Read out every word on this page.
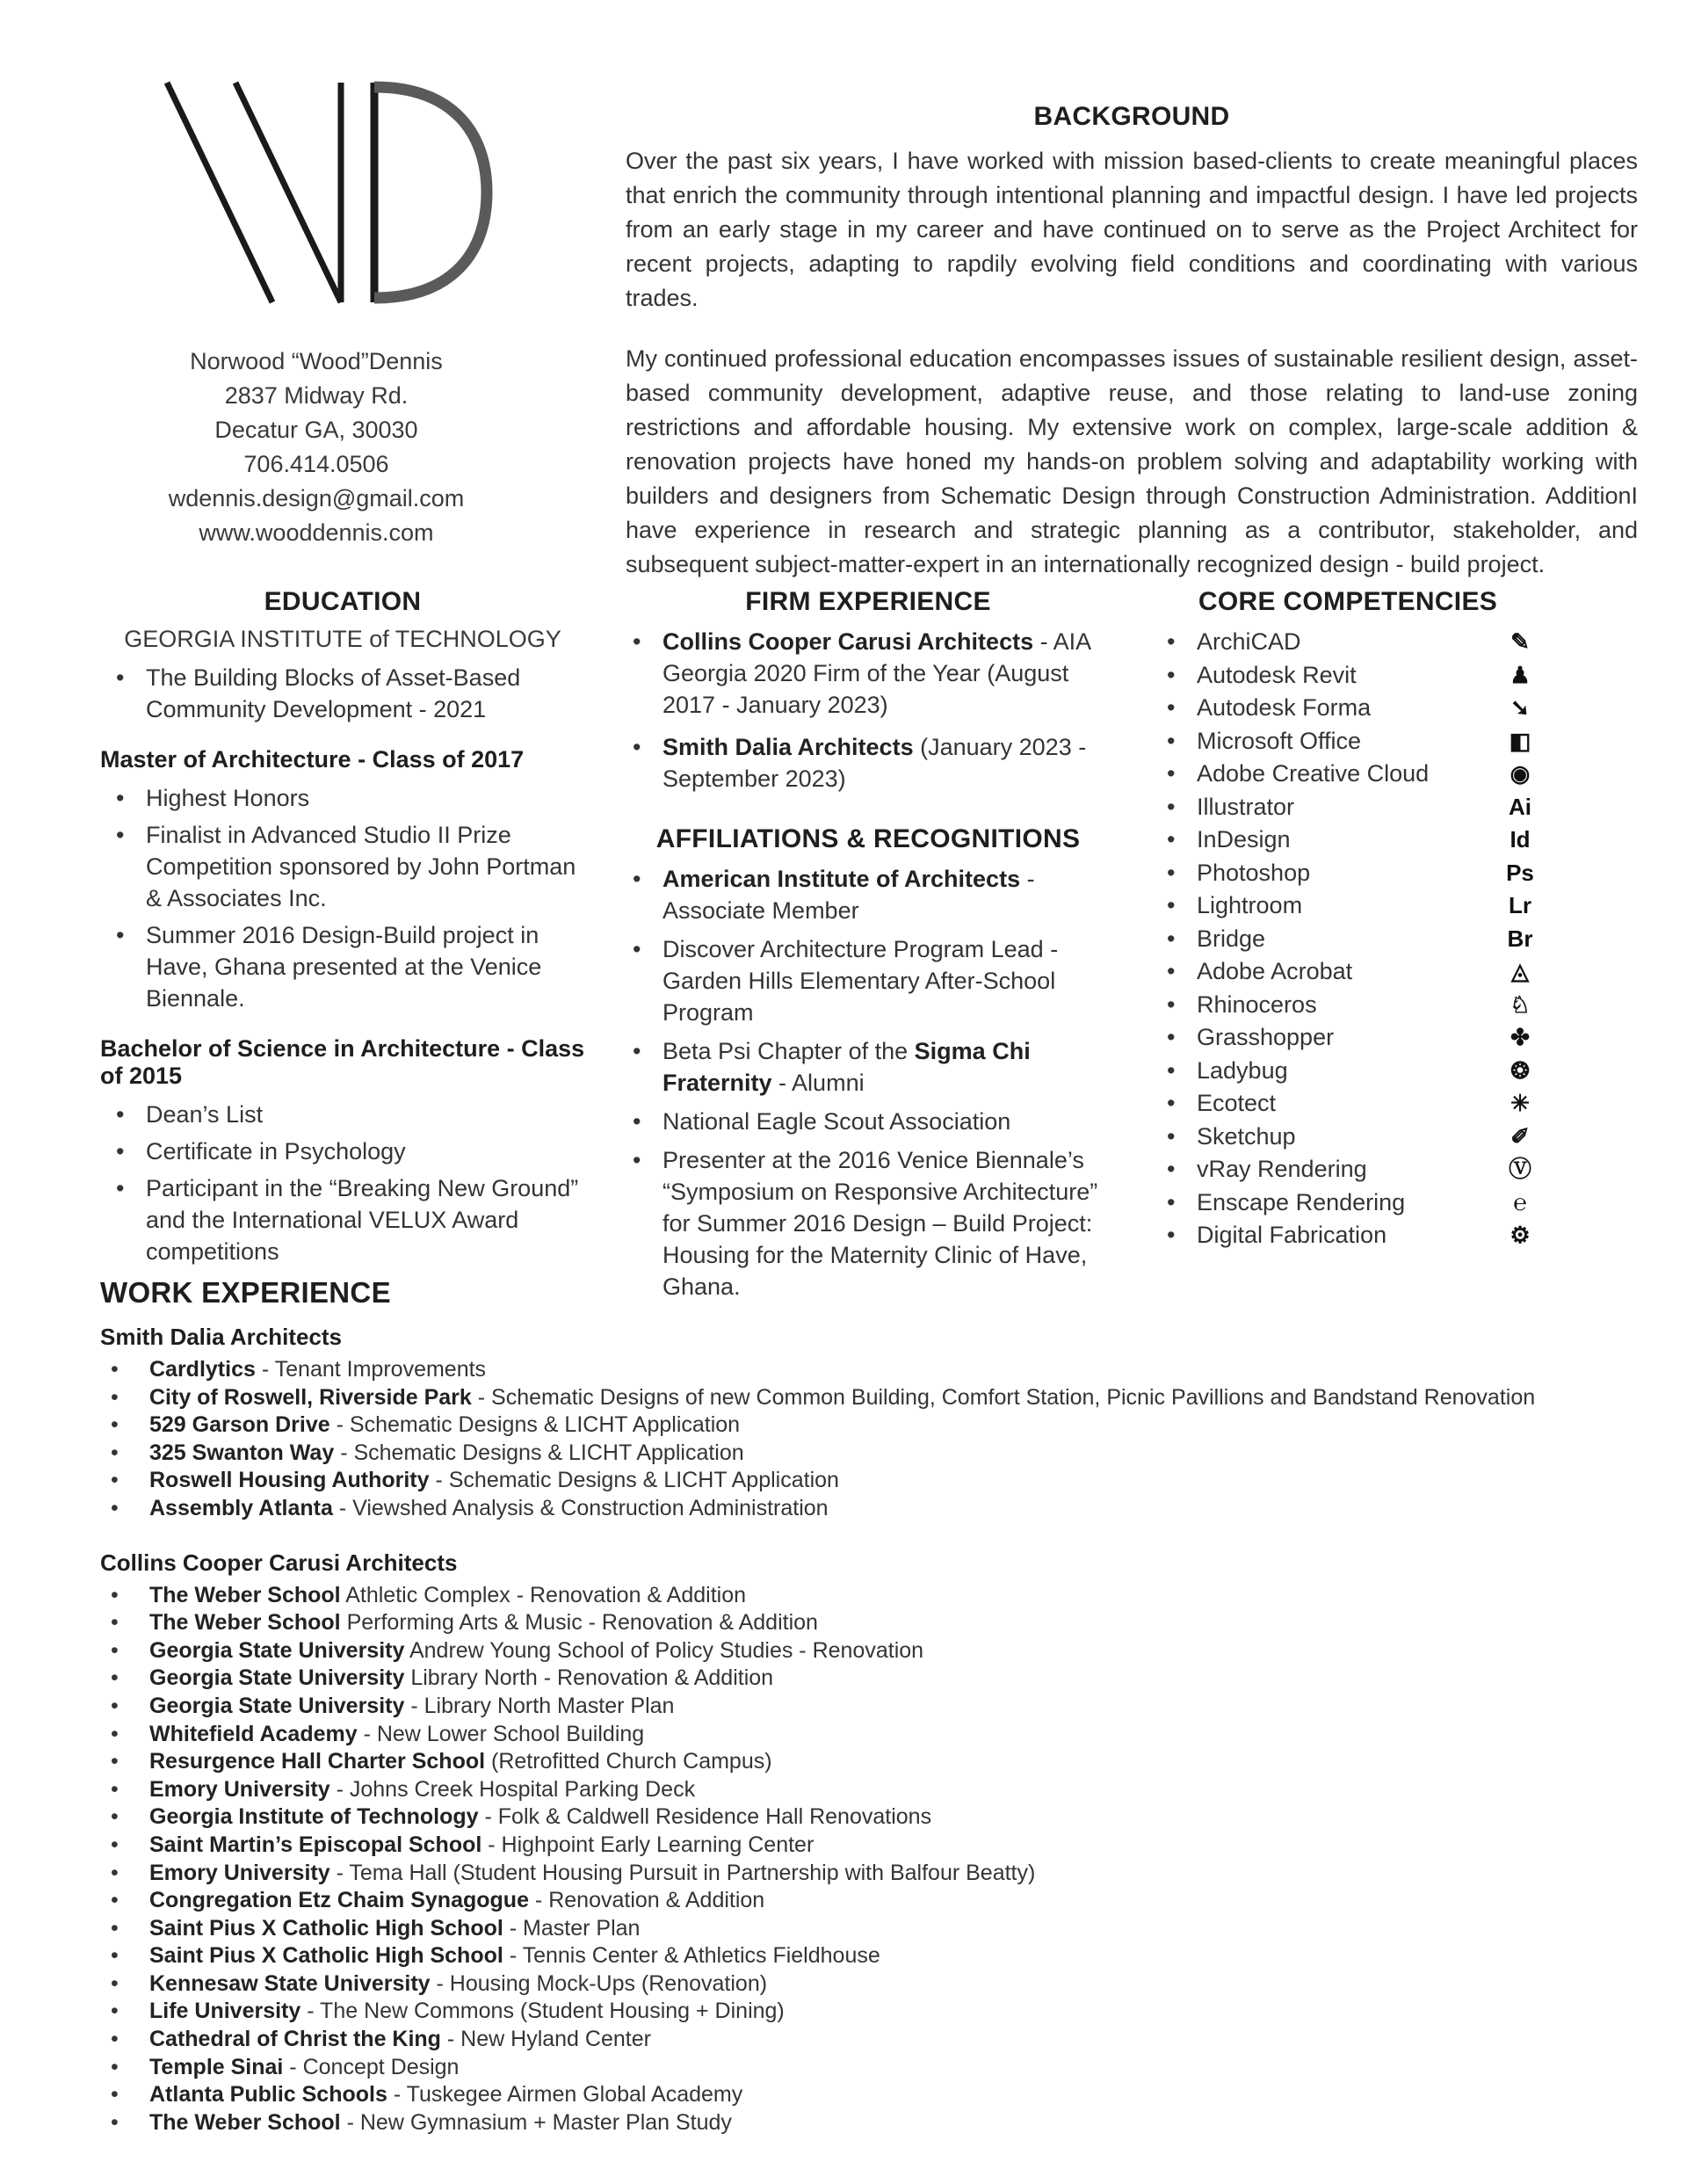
Norwood “Wood”Dennis
2837 Midway Rd.
Decatur GA, 30030
706.414.0506
wdennis.design@gmail.com
www.wooddennis.com
BACKGROUND

Over the past six years, I have worked with mission based-clients to create meaningful places that enrich the community through intentional planning and impactful design. I have led projects from an early stage in my career and have continued on to serve as the Project Architect for recent projects, adapting to rapdily evolving field conditions and coordinating with various trades.

My continued professional education encompasses issues of sustainable resilient design, asset-based community development, adaptive reuse, and those relating to land-use zoning restrictions and affordable housing. My extensive work on complex, large-scale addition & renovation projects have honed my hands-on problem solving and adaptability working with builders and designers from Schematic Design through Construction Administration. AdditionI have experience in research and strategic planning as a contributor, stakeholder, and subsequent subject-matter-expert in an internationally recognized design - build project.

EDUCATION
GEORGIA INSTITUTE of TECHNOLOGY
• The Building Blocks of Asset-Based Community Development - 2021
Master of Architecture - Class of 2017
• Highest Honors
• Finalist in Advanced Studio II Prize Competition sponsored by John Portman & Associates Inc.
• Summer 2016 Design-Build project in Have, Ghana presented at the Venice Biennale.
Bachelor of Science in Architecture - Class of 2015
• Dean’s List
• Certificate in Psychology
• Participant in the “Breaking New Ground” and the International VELUX Award competitions
FIRM EXPERIENCE
• Collins Cooper Carusi Architects - AIA Georgia 2020 Firm of the Year (August 2017 - January 2023)
• Smith Dalia Architects (January 2023 - September 2023)
AFFILIATIONS & RECOGNITIONS
• American Institute of Architects - Associate Member
• Discover Architecture Program Lead - Garden Hills Elementary After-School Program
• Beta Psi Chapter of the Sigma Chi Fraternity - Alumni
• National Eagle Scout Association
• Presenter at the 2016 Venice Biennale’s “Symposium on Responsive Architecture” for Summer 2016 Design – Build Project: Housing for the Maternity Clinic of Have, Ghana.
CORE COMPETENCIES
• ArchiCAD	✎
• Autodesk Revit	♟
• Autodesk Forma	➘
• Microsoft Office	◧
• Adobe Creative Cloud	◉
• Illustrator	Ai
• InDesign	Id
• Photoshop	Ps
• Lightroom	Lr
• Bridge	Br
• Adobe Acrobat	◬
• Rhinoceros	♘
• Grasshopper	✤
• Ladybug	❂
• Ecotect	✳
• Sketchup	✐
• vRay Rendering	Ⓥ
• Enscape Rendering	℮
• Digital Fabrication	⚙
WORK EXPERIENCE
Smith Dalia Architects
• Cardlytics - Tenant Improvements
• City of Roswell, Riverside Park - Schematic Designs of new Common Building, Comfort Station, Picnic Pavillions and Bandstand Renovation
• 529 Garson Drive - Schematic Designs & LICHT Application
• 325 Swanton Way - Schematic Designs & LICHT Application
• Roswell Housing Authority - Schematic Designs & LICHT Application
• Assembly Atlanta - Viewshed Analysis & Construction Administration
Collins Cooper Carusi Architects
• The Weber School Athletic Complex - Renovation & Addition
• The Weber School Performing Arts & Music - Renovation & Addition
• Georgia State University Andrew Young School of Policy Studies - Renovation
• Georgia State University Library North - Renovation & Addition
• Georgia State University - Library North Master Plan
• Whitefield Academy - New Lower School Building
• Resurgence Hall Charter School (Retrofitted Church Campus)
• Emory University - Johns Creek Hospital Parking Deck
• Georgia Institute of Technology - Folk & Caldwell Residence Hall Renovations
• Saint Martin’s Episcopal School - Highpoint Early Learning Center
• Emory University - Tema Hall (Student Housing Pursuit in Partnership with Balfour Beatty)
• Congregation Etz Chaim Synagogue - Renovation & Addition
• Saint Pius X Catholic High School - Master Plan
• Saint Pius X Catholic High School - Tennis Center & Athletics Fieldhouse
• Kennesaw State University - Housing Mock-Ups (Renovation)
• Life University - The New Commons (Student Housing + Dining)
• Cathedral of Christ the King - New Hyland Center
• Temple Sinai - Concept Design
• Atlanta Public Schools - Tuskegee Airmen Global Academy
• The Weber School - New Gymnasium + Master Plan Study
